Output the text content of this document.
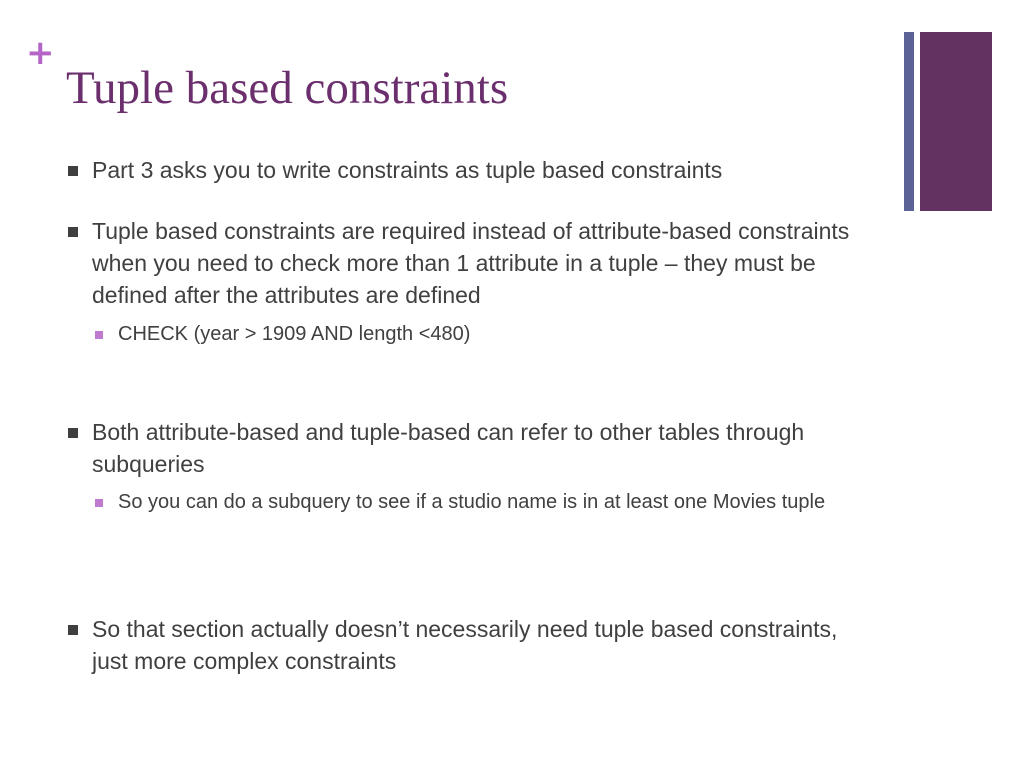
+
Tuple based constraints
Part 3 asks you to write constraints as tuple based constraints
Tuple based constraints are required instead of attribute-based constraints when you need to check more than 1 attribute in a tuple – they must be defined after the attributes are defined
CHECK (year > 1909 AND length <480)
Both attribute-based and tuple-based can refer to other tables through subqueries
So you can do a subquery to see if a studio name is in at least one Movies tuple
So that section actually doesn’t necessarily need tuple based constraints, just more complex constraints
